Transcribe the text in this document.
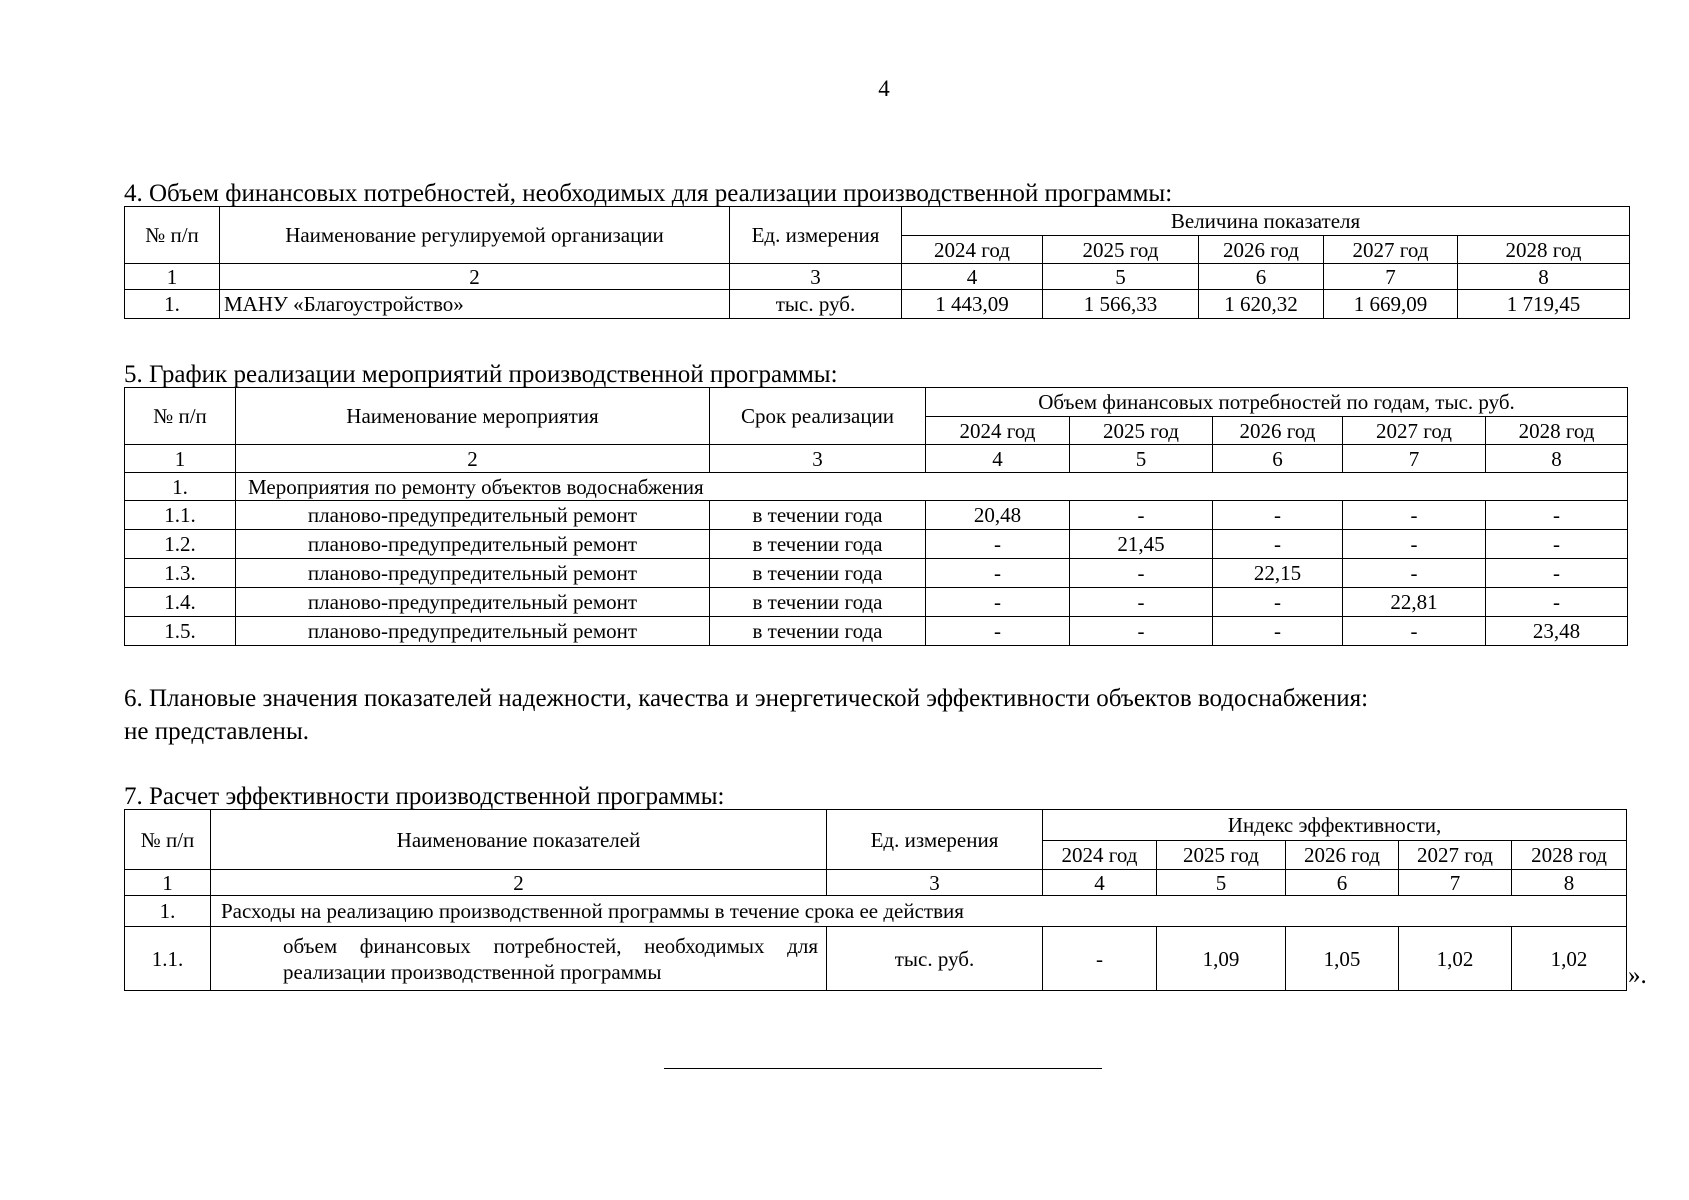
4
4. Объем финансовых потребностей, необходимых для реализации производственной программы:
№ п/п	Наименование регулируемой организации	Ед. измерения	Величина показателя				
			2024 год	2025 год	2026 год	2027 год	2028 год
1	2	3	4	5	6	7	8
1.	МАНУ «Благоустройство»	тыс. руб.	1 443,09	1 566,33	1 620,32	1 669,09	1 719,45
5. График реализации мероприятий производственной программы:
№ п/п	Наименование мероприятия	Срок реализации	Объем финансовых потребностей по годам, тыс. руб.				
			2024 год	2025 год	2026 год	2027 год	2028 год
1	2	3	4	5	6	7	8
1.	Мероприятия по ремонту объектов водоснабжения						
1.1.	планово-предупредительный ремонт	в течении года	20,48	-	-	-	-
1.2.	планово-предупредительный ремонт	в течении года	-	21,45	-	-	-
1.3.	планово-предупредительный ремонт	в течении года	-	-	22,15	-	-
1.4.	планово-предупредительный ремонт	в течении года	-	-	-	22,81	-
1.5.	планово-предупредительный ремонт	в течении года	-	-	-	-	23,48
6. Плановые значения показателей надежности, качества и энергетической эффективности объектов водоснабжения:
не представлены.
7. Расчет эффективности производственной программы:
№ п/п	Наименование показателей	Ед. измерения	Индекс эффективности,				
			2024 год	2025 год	2026 год	2027 год	2028 год
1	2	3	4	5	6	7	8
1.	Расходы на реализацию производственной программы в течение срока ее действия						
1.1.	объем финансовых потребностей, необходимых для реализации производственной программы	тыс. руб.	-	1,09	1,05	1,02	1,02
».
